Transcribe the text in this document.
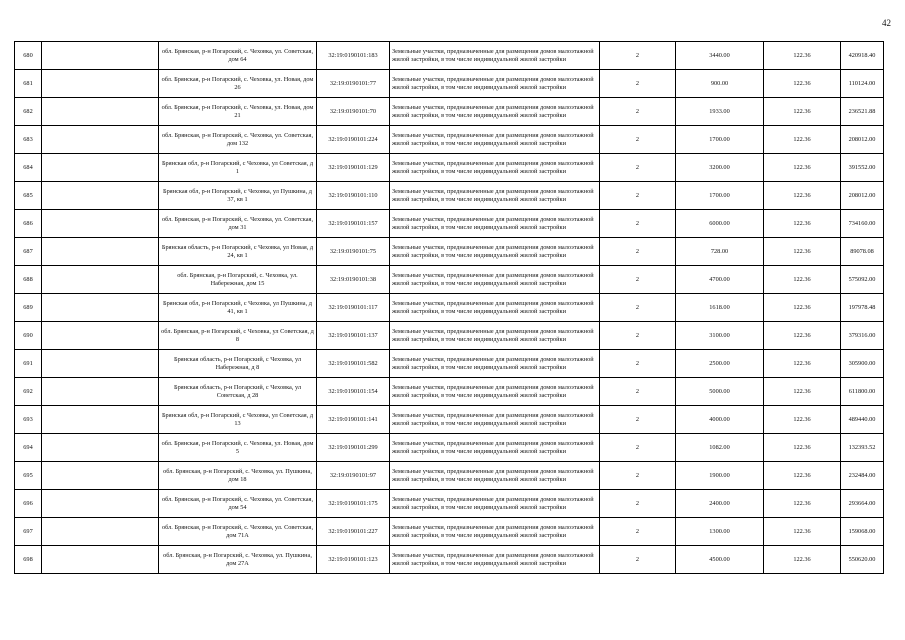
42
680		обл. Брянская, р-н Погарский, с. Чеховка, ул. Советская, дом 64	32:19:0190101:183	Земельные участки, предназначенные для размещения домов малоэтажной жилой застройки, в том числе индивидуальной жилой застройки	2	3440.00	122.36	420918.40
681		обл. Брянская, р-н Погарский, с. Чеховка, ул. Новая, дом 26	32:19:0190101:77	Земельные участки, предназначенные для размещения домов малоэтажной жилой застройки, в том числе индивидуальной жилой застройки	2	900.00	122.36	110124.00
682		обл. Брянская, р-н Погарский, с. Чеховка, ул. Новая, дом 21	32:19:0190101:70	Земельные участки, предназначенные для размещения домов малоэтажной жилой застройки, в том числе индивидуальной жилой застройки	2	1933.00	122.36	236521.88
683		обл. Брянская, р-н Погарский, с. Чеховка, ул. Советская, дом 132	32:19:0190101:224	Земельные участки, предназначенные для размещения домов малоэтажной жилой застройки, в том числе индивидуальной жилой застройки	2	1700.00	122.36	208012.00
684		Брянская обл, р-н Погарский, с Чеховка, ул Советская, д 1	32:19:0190101:129	Земельные участки, предназначенные для размещения домов малоэтажной жилой застройки, в том числе индивидуальной жилой застройки	2	3200.00	122.36	391552.00
685		Брянская обл, р-н Погарский, с Чеховка, ул Пушкина, д 37, кв 1	32:19:0190101:110	Земельные участки, предназначенные для размещения домов малоэтажной жилой застройки, в том числе индивидуальной жилой застройки	2	1700.00	122.36	208012.00
686		обл. Брянская, р-н Погарский, с. Чеховка, ул. Советская, дом 31	32:19:0190101:157	Земельные участки, предназначенные для размещения домов малоэтажной жилой застройки, в том числе индивидуальной жилой застройки	2	6000.00	122.36	734160.00
687		Брянская область, р-н Погарский, с Чеховка, ул Новая, д 24, кв 1	32:19:0190101:75	Земельные участки, предназначенные для размещения домов малоэтажной жилой застройки, в том числе индивидуальной жилой застройки	2	728.00	122.36	89078.08
688		обл. Брянская, р-н Погарский, с. Чеховка, ул. Набережная, дом 15	32:19:0190101:38	Земельные участки, предназначенные для размещения домов малоэтажной жилой застройки, в том числе индивидуальной жилой застройки	2	4700.00	122.36	575092.00
689		Брянская обл, р-н Погарский, с Чеховка, ул Пушкина, д 41, кв 1	32:19:0190101:117	Земельные участки, предназначенные для размещения домов малоэтажной жилой застройки, в том числе индивидуальной жилой застройки	2	1618.00	122.36	197978.48
690		обл. Брянская, р-н Погарский, с Чеховка, ул Советская, д 8	32:19:0190101:137	Земельные участки, предназначенные для размещения домов малоэтажной жилой застройки, в том числе индивидуальной жилой застройки	2	3100.00	122.36	379316.00
691		Брянская область, р-н Погарский, с Чеховка, ул Набережная, д 8	32:19:0190101:582	Земельные участки, предназначенные для размещения домов малоэтажной жилой застройки, в том числе индивидуальной жилой застройки	2	2500.00	122.36	305900.00
692		Брянская область, р-н Погарский, с Чеховка, ул Советская, д 28	32:19:0190101:154	Земельные участки, предназначенные для размещения домов малоэтажной жилой застройки, в том числе индивидуальной жилой застройки	2	5000.00	122.36	611800.00
693		Брянская обл, р-н Погарский, с Чеховка, ул Советская, д 13	32:19:0190101:141	Земельные участки, предназначенные для размещения домов малоэтажной жилой застройки, в том числе индивидуальной жилой застройки	2	4000.00	122.36	489440.00
694		обл. Брянская, р-н Погарский, с. Чеховка, ул. Новая, дом 5	32:19:0190101:299	Земельные участки, предназначенные для размещения домов малоэтажной жилой застройки, в том числе индивидуальной жилой застройки	2	1082.00	122.36	132393.52
695		обл. Брянская, р-н Погарский, с. Чеховка, ул. Пушкина, дом 18	32:19:0190101:97	Земельные участки, предназначенные для размещения домов малоэтажной жилой застройки, в том числе индивидуальной жилой застройки	2	1900.00	122.36	232484.00
696		обл. Брянская, р-н Погарский, с. Чеховка, ул. Советская, дом 54	32:19:0190101:175	Земельные участки, предназначенные для размещения домов малоэтажной жилой застройки, в том числе индивидуальной жилой застройки	2	2400.00	122.36	293664.00
697		обл. Брянская, р-н Погарский, с. Чеховка, ул. Советская, дом 71А	32:19:0190101:227	Земельные участки, предназначенные для размещения домов малоэтажной жилой застройки, в том числе индивидуальной жилой застройки	2	1300.00	122.36	159068.00
698		обл. Брянская, р-н Погарский, с. Чеховка, ул. Пушкина, дом 27А	32:19:0190101:123	Земельные участки, предназначенные для размещения домов малоэтажной жилой застройки, в том числе индивидуальной жилой застройки	2	4500.00	122.36	550620.00
